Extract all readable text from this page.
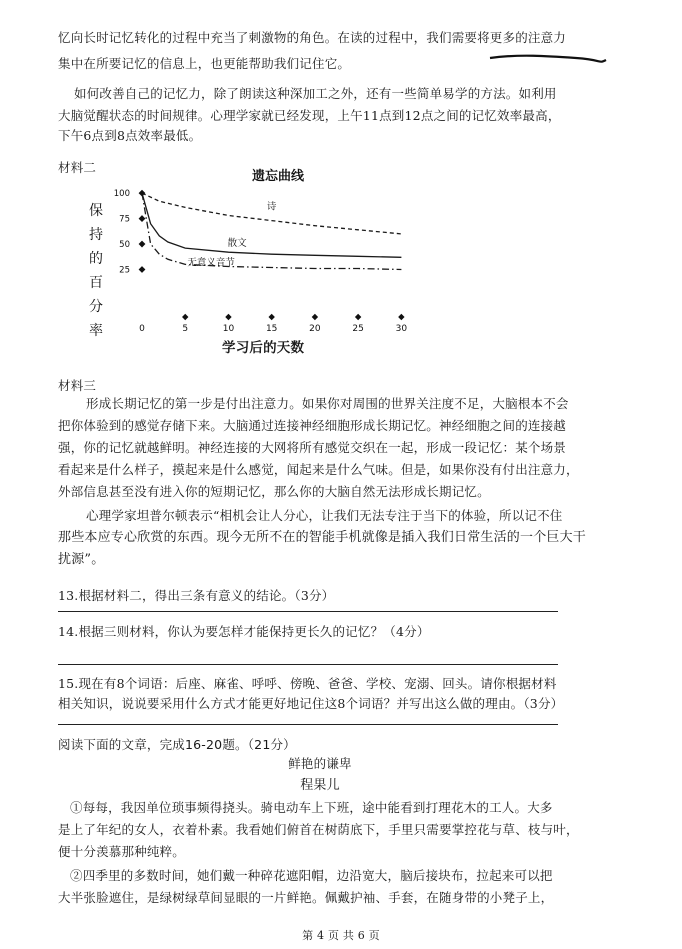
忆向长时记忆转化的过程中充当了刺激物的角色。在读的过程中，我们需要将更多的注意力
集中在所要记忆的信息上，也更能帮助我们记住它。
如何改善自己的记忆力，除了朗读这种深加工之外，还有一些简单易学的方法。如利用
大脑觉醒状态的时间规律。心理学家就已经发现，上午11点到12点之间的记忆效率最高，
下午6点到8点效率最低。
材料二
遗忘曲线
保
持
的
百
分
率
25
50
75
100
0	5	10	15	20	25	30
诗
散文
无意义音节
学习后的天数
材料三
形成长期记忆的第一步是付出注意力。如果你对周围的世界关注度不足，大脑根本不会
把你体验到的感觉存储下来。大脑通过连接神经细胞形成长期记忆。神经细胞之间的连接越
强，你的记忆就越鲜明。神经连接的大网将所有感觉交织在一起，形成一段记忆：某个场景
看起来是什么样子，摸起来是什么感觉，闻起来是什么气味。但是，如果你没有付出注意力，
外部信息甚至没有进入你的短期记忆，那么你的大脑自然无法形成长期记忆。
心理学家坦普尔顿表示“相机会让人分心，让我们无法专注于当下的体验，所以记不住
那些本应专心欣赏的东西。现今无所不在的智能手机就像是插入我们日常生活的一个巨大干
扰源”。
13.根据材料二，得出三条有意义的结论。（3分）
14.根据三则材料，你认为要怎样才能保持更长久的记忆？（4分）
15.现在有8个词语：后座、麻雀、呼呼、傍晚、爸爸、学校、宠溺、回头。请你根据材料
相关知识，说说要采用什么方式才能更好地记住这8个词语？并写出这么做的理由。（3分）
阅读下面的文章，完成16-20题。（21分）
鲜艳的谦卑
程果儿
①每每，我因单位琐事频得挠头。骑电动车上下班，途中能看到打理花木的工人。大多
是上了年纪的女人，衣着朴素。我看她们俯首在树荫底下，手里只需要掌控花与草、枝与叶，
便十分羡慕那种纯粹。
②四季里的多数时间，她们戴一种碎花遮阳帽，边沿宽大，脑后接块布，拉起来可以把
大半张脸遮住，是绿树绿草间显眼的一片鲜艳。佩戴护袖、手套，在随身带的小凳子上，
第 4 页 共 6 页
